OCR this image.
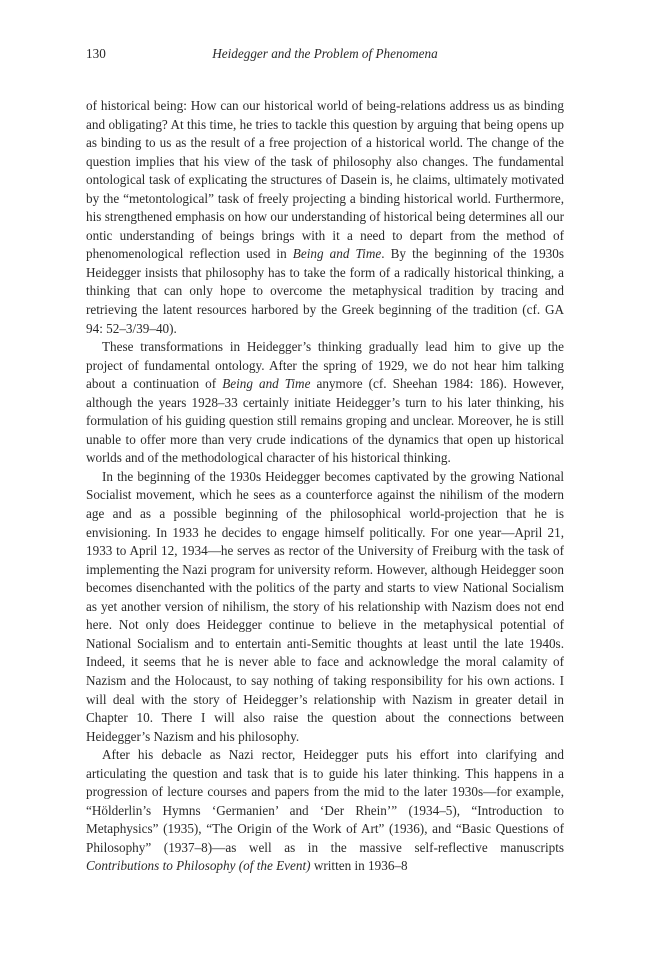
130	Heidegger and the Problem of Phenomena

of historical being: How can our historical world of being-relations address us as binding and obligating? At this time, he tries to tackle this question by arguing that being opens up as binding to us as the result of a free projection of a historical world. The change of the question implies that his view of the task of philosophy also changes. The fundamental ontological task of explicating the structures of Dasein is, he claims, ultimately motivated by the “metontological” task of freely projecting a binding historical world. Furthermore, his strengthened emphasis on how our understanding of historical being determines all our ontic understanding of beings brings with it a need to depart from the method of phenomenological reflection used in Being and Time. By the beginning of the 1930s Heidegger insists that philosophy has to take the form of a radically historical thinking, a thinking that can only hope to overcome the metaphysical tradition by tracing and retrieving the latent resources harbored by the Greek beginning of the tradition (cf. GA 94: 52–3/39–40).

These transformations in Heidegger’s thinking gradually lead him to give up the project of fundamental ontology. After the spring of 1929, we do not hear him talking about a continuation of Being and Time anymore (cf. Sheehan 1984: 186). However, although the years 1928–33 certainly initiate Heidegger’s turn to his later thinking, his formulation of his guiding question still remains groping and unclear. Moreover, he is still unable to offer more than very crude indications of the dynamics that open up historical worlds and of the methodological character of his historical thinking.

In the beginning of the 1930s Heidegger becomes captivated by the growing National Socialist movement, which he sees as a counterforce against the nihilism of the modern age and as a possible beginning of the philosophical world-projection that he is envisioning. In 1933 he decides to engage himself politically. For one year—April 21, 1933 to April 12, 1934—he serves as rector of the University of Freiburg with the task of implementing the Nazi program for university reform. However, although Heidegger soon becomes disenchanted with the politics of the party and starts to view National Socialism as yet another version of nihilism, the story of his relationship with Nazism does not end here. Not only does Heidegger continue to believe in the metaphysical potential of National Socialism and to entertain anti-Semitic thoughts at least until the late 1940s. Indeed, it seems that he is never able to face and acknowledge the moral calamity of Nazism and the Holocaust, to say nothing of taking responsibility for his own actions. I will deal with the story of Heidegger’s relationship with Nazism in greater detail in Chapter 10. There I will also raise the question about the connections between Heidegger’s Nazism and his philosophy.

After his debacle as Nazi rector, Heidegger puts his effort into clarifying and articulating the question and task that is to guide his later thinking. This happens in a progression of lecture courses and papers from the mid to the later 1930s—for example, “Hölderlin’s Hymns ‘Germanien’ and ‘Der Rhein’” (1934–5), “Introduction to Metaphysics” (1935), “The Origin of the Work of Art” (1936), and “Basic Questions of Philosophy” (1937–8)—as well as in the massive self-reflective manuscripts Contributions to Philosophy (of the Event) written in 1936–8
